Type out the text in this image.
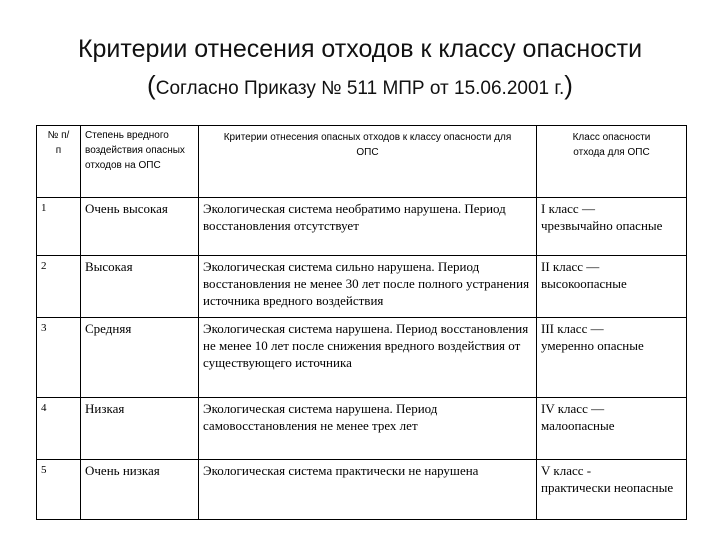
Критерии отнесения отходов к классу опасности
(Согласно Приказу № 511 МПР от 15.06.2001 г.)
№ п/п	Степень вредного воздействия опасных отходов на ОПС	Критерии отнесения опасных отходов к классу опасности для ОПС	Класс опасности отхода для ОПС
1	Очень высокая	Экологическая система необратимо нарушена. Период восстановления отсутствует	I класс —
чрезвычайно опасные

2	Высокая	Экологическая система сильно нарушена. Период восстановления не менее 30 лет после полного устранения источника вредного воздействия	II класс —
высокоопасные

3	Средняя	Экологическая система нарушена. Период восстановления не менее 10 лет после снижения вредного воздействия от существующего источника	III класс —
умеренно опасные

4	Низкая	Экологическая система нарушена. Период самовосстановления не менее трех лет	IV класс —
малоопасные

5	Очень низкая	Экологическая система практически не нарушена	V класс -
практически неопасные
